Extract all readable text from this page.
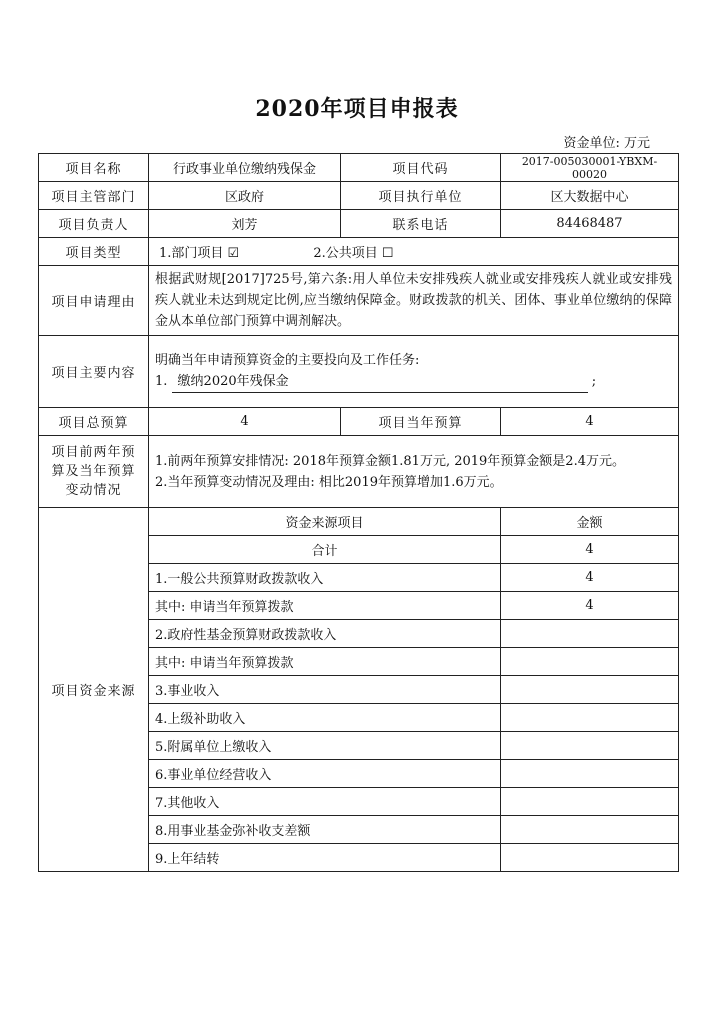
2020年项目申报表
资金单位: 万元
项目名称	行政事业单位缴纳残保金	项目代码	2017-005030001-YBXM-00020
项目主管部门	区政府	项目执行单位	区大数据中心
项目负责人	刘芳	联系电话	84468487
项目类型	1.部门项目 ☑ 2.公共项目 ☐		
项目申请理由	根据武财规[2017]725号,第六条:用人单位未安排残疾人就业或安排残疾人就业或安排残疾人就业未达到规定比例,应当缴纳保障金。财政拨款的机关、团体、事业单位缴纳的保障金从本单位部门预算中调剂解决。		
项目主要内容	明确当年申请预算资金的主要投向及工作任务:
1. 缴纳2020年残保金 ;		

项目总预算	4	项目当年预算	4
项目前两年预算及当年预算变动情况	1.前两年预算安排情况: 2018年预算金额1.81万元, 2019年预算金额是2.4万元。
2.当年预算变动情况及理由: 相比2019年预算增加1.6万元。		

项目资金来源	资金来源项目		金额
	合计		4
	1.一般公共预算财政拨款收入		4
	其中: 申请当年预算拨款		4
	2.政府性基金预算财政拨款收入		
	其中: 申请当年预算拨款		
	3.事业收入		
	4.上级补助收入		
	5.附属单位上缴收入		
	6.事业单位经营收入		
	7.其他收入		
	8.用事业基金弥补收支差额		
	9.上年结转		
